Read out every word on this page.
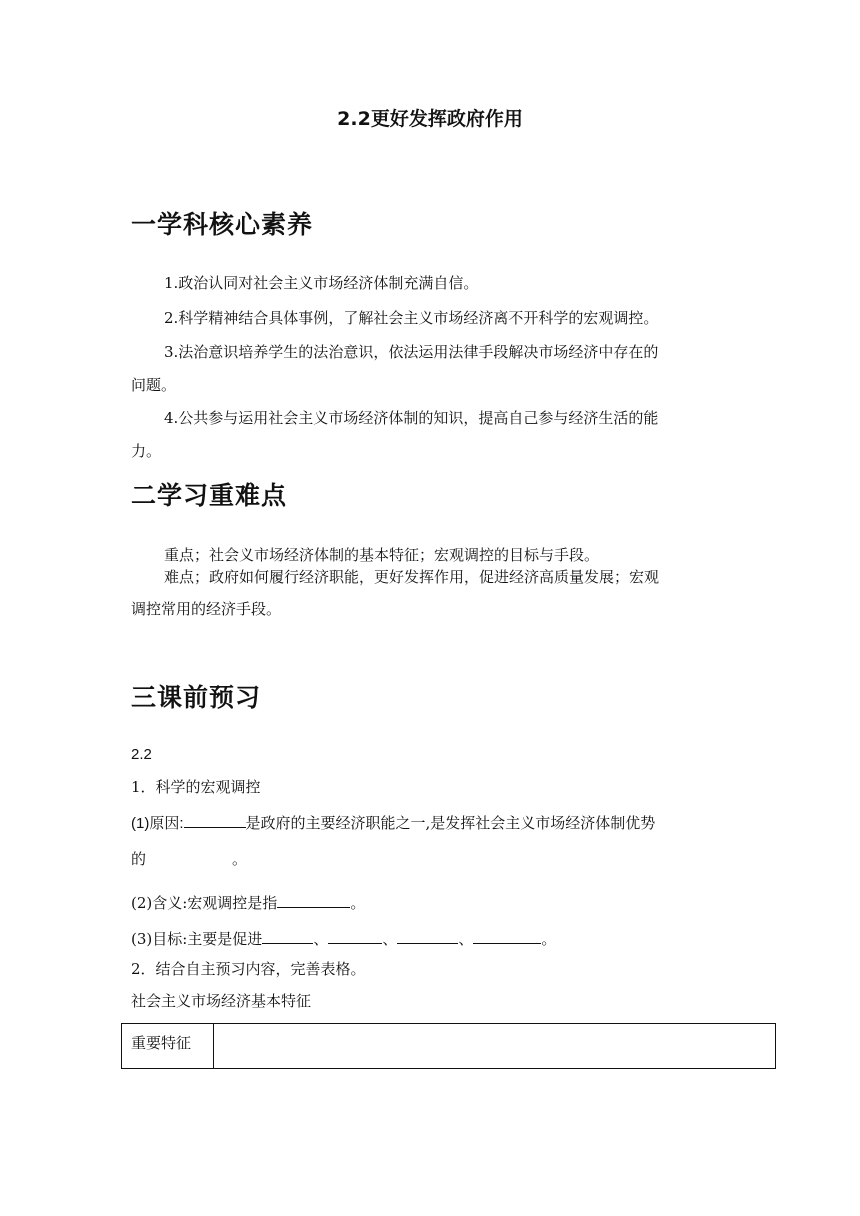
2.2更好发挥政府作用
一学科核心素养
1.政治认同对社会主义市场经济体制充满自信。
2.科学精神结合具体事例，了解社会主义市场经济离不开科学的宏观调控。
3.法治意识培养学生的法治意识，依法运用法律手段解决市场经济中存在的
问题。
4.公共参与运用社会主义市场经济体制的知识，提高自己参与经济生活的能
力。
二学习重难点
重点；社会义市场经济体制的基本特征；宏观调控的目标与手段。
难点；政府如何履行经济职能，更好发挥作用，促进经济高质量发展；宏观
调控常用的经济手段。
三课前预习
2.2
1．科学的宏观调控
(1)原因:	是政府的主要经济职能之一,是发挥社会主义市场经济体制优势
的	。
(2)含义:宏观调控是指	。
(3)目标:主要是促进	、	、	、	。
2．结合自主预习内容，完善表格。
社会主义市场经济基本特征
重要特征	
